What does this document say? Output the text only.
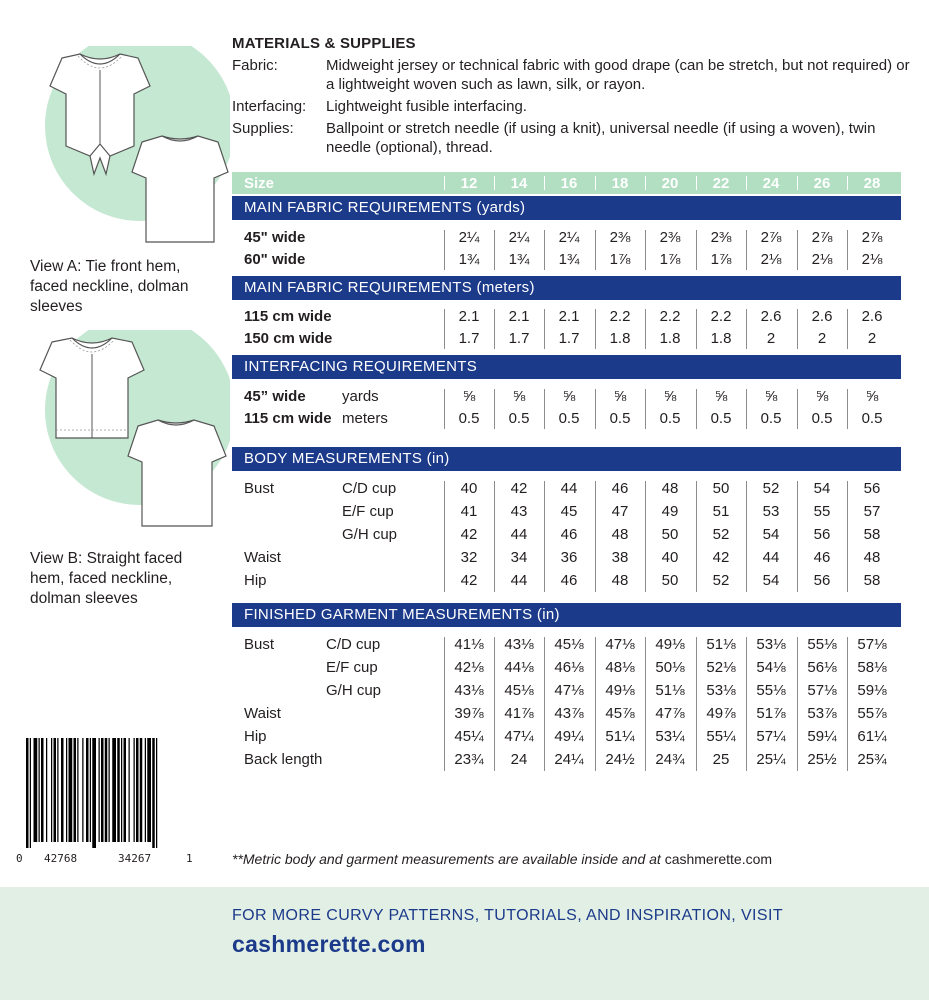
View A: Tie front hem, faced neckline, dolman sleeves
View B: Straight faced hem, faced neckline, dolman sleeves
0 42768	34267	1
MATERIALS & SUPPLIES
Fabric:	Midweight jersey or technical fabric with good drape (can be stretch, but not required) or a lightweight woven such as lawn, silk, or rayon.
Interfacing:	Lightweight fusible interfacing.
Supplies:	Ballpoint or stretch needle (if using a knit), universal needle (if using a woven), twin needle (optional), thread.
Size	12	14	16	18	20	22	24	26	28
MAIN FABRIC REQUIREMENTS (yards)
45" wide	2¼	2¼	2¼	2⅜	2⅜	2⅜	2⅞	2⅞	2⅞
60" wide	1¾	1¾	1¾	1⅞	1⅞	1⅞	2⅛	2⅛	2⅛
MAIN FABRIC REQUIREMENTS (meters)
115 cm wide	2.1	2.1	2.1	2.2	2.2	2.2	2.6	2.6	2.6
150 cm wide	1.7	1.7	1.7	1.8	1.8	1.8	2	2	2
INTERFACING REQUIREMENTS
45” wide yards	⅝	⅝	⅝	⅝	⅝	⅝	⅝	⅝	⅝
115 cm wide meters	0.5	0.5	0.5	0.5	0.5	0.5	0.5	0.5	0.5
BODY MEASUREMENTS (in)
Bust	C/D cup	40	42	44	46	48	50	52	54	56
E/F cup	41	43	45	47	49	51	53	55	57
G/H cup	42	44	46	48	50	52	54	56	58
Waist	32	34	36	38	40	42	44	46	48
Hip	42	44	46	48	50	52	54	56	58
FINISHED GARMENT MEASUREMENTS (in)
Bust	C/D cup	41⅛	43⅛	45⅛	47⅛	49⅛	51⅛	53⅛	55⅛	57⅛
E/F cup	42⅛	44⅛	46⅛	48⅛	50⅛	52⅛	54⅛	56⅛	58⅛
G/H cup	43⅛	45⅛	47⅛	49⅛	51⅛	53⅛	55⅛	57⅛	59⅛
Waist	39⅞	41⅞	43⅞	45⅞	47⅞	49⅞	51⅞	53⅞	55⅞
Hip	45¼	47¼	49¼	51¼	53¼	55¼	57¼	59¼	61¼
Back length	23¾	24	24¼	24½	24¾	25	25¼	25½	25¾
**Metric body and garment measurements are available inside and at cashmerette.com
FOR MORE CURVY PATTERNS, TUTORIALS, AND INSPIRATION, VISIT
cashmerette.com
